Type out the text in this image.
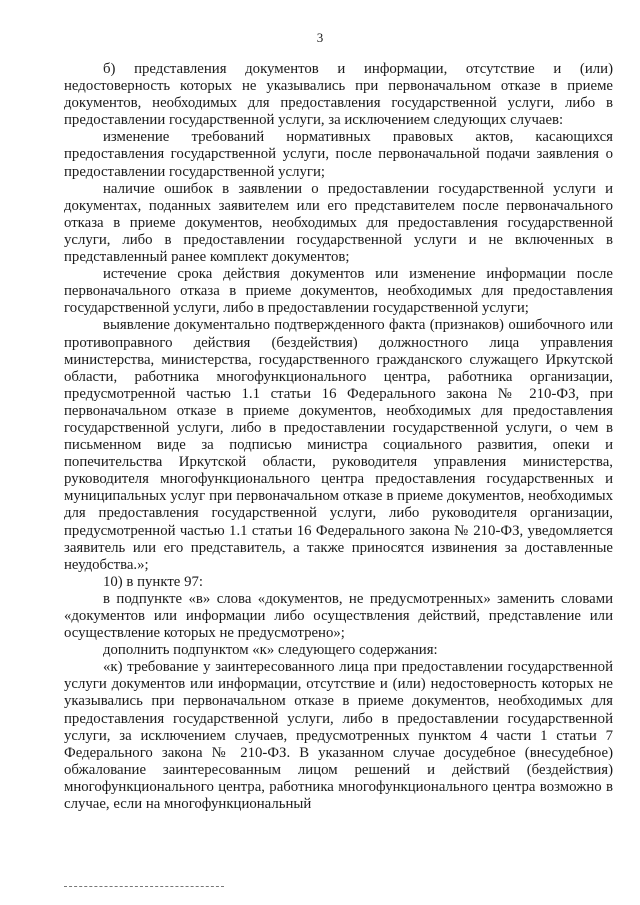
3

б) представления документов и информации, отсутствие и (или) недостоверность которых не указывались при первоначальном отказе в приеме документов, необходимых для предоставления государственной услуги, либо в предоставлении государственной услуги, за исключением следующих случаев:

изменение требований нормативных правовых актов, касающихся предоставления государственной услуги, после первоначальной подачи заявления о предоставлении государственной услуги;

наличие ошибок в заявлении о предоставлении государственной услуги и документах, поданных заявителем или его представителем после первоначального отказа в приеме документов, необходимых для предоставления государственной услуги, либо в предоставлении государственной услуги и не включенных в представленный ранее комплект документов;

истечение срока действия документов или изменение информации после первоначального отказа в приеме документов, необходимых для предоставления государственной услуги, либо в предоставлении государственной услуги;

выявление документально подтвержденного факта (признаков) ошибочного или противоправного действия (бездействия) должностного лица управления министерства, министерства, государственного гражданского служащего Иркутской области, работника многофункционального центра, работника организации, предусмотренной частью 1.1 статьи 16 Федерального закона № 210-ФЗ, при первоначальном отказе в приеме документов, необходимых для предоставления государственной услуги, либо в предоставлении государственной услуги, о чем в письменном виде за подписью министра социального развития, опеки и попечительства Иркутской области, руководителя управления министерства, руководителя многофункционального центра предоставления государственных и муниципальных услуг при первоначальном отказе в приеме документов, необходимых для предоставления государственной услуги, либо руководителя организации, предусмотренной частью 1.1 статьи 16 Федерального закона № 210-ФЗ, уведомляется заявитель или его представитель, а также приносятся извинения за доставленные неудобства.»;

10) в пункте 97:

в подпункте «в» слова «документов, не предусмотренных» заменить словами «документов или информации либо осуществления действий, представление или осуществление которых не предусмотрено»;

дополнить подпунктом «к» следующего содержания:

«к) требование у заинтересованного лица при предоставлении государственной услуги документов или информации, отсутствие и (или) недостоверность которых не указывались при первоначальном отказе в приеме документов, необходимых для предоставления государственной услуги, либо в предоставлении государственной услуги, за исключением случаев, предусмотренных пунктом 4 части 1 статьи 7 Федерального закона № 210-ФЗ. В указанном случае досудебное (внесудебное) обжалование заинтересованным лицом решений и действий (бездействия) многофункционального центра, работника многофункционального центра возможно в случае, если на многофункциональный
